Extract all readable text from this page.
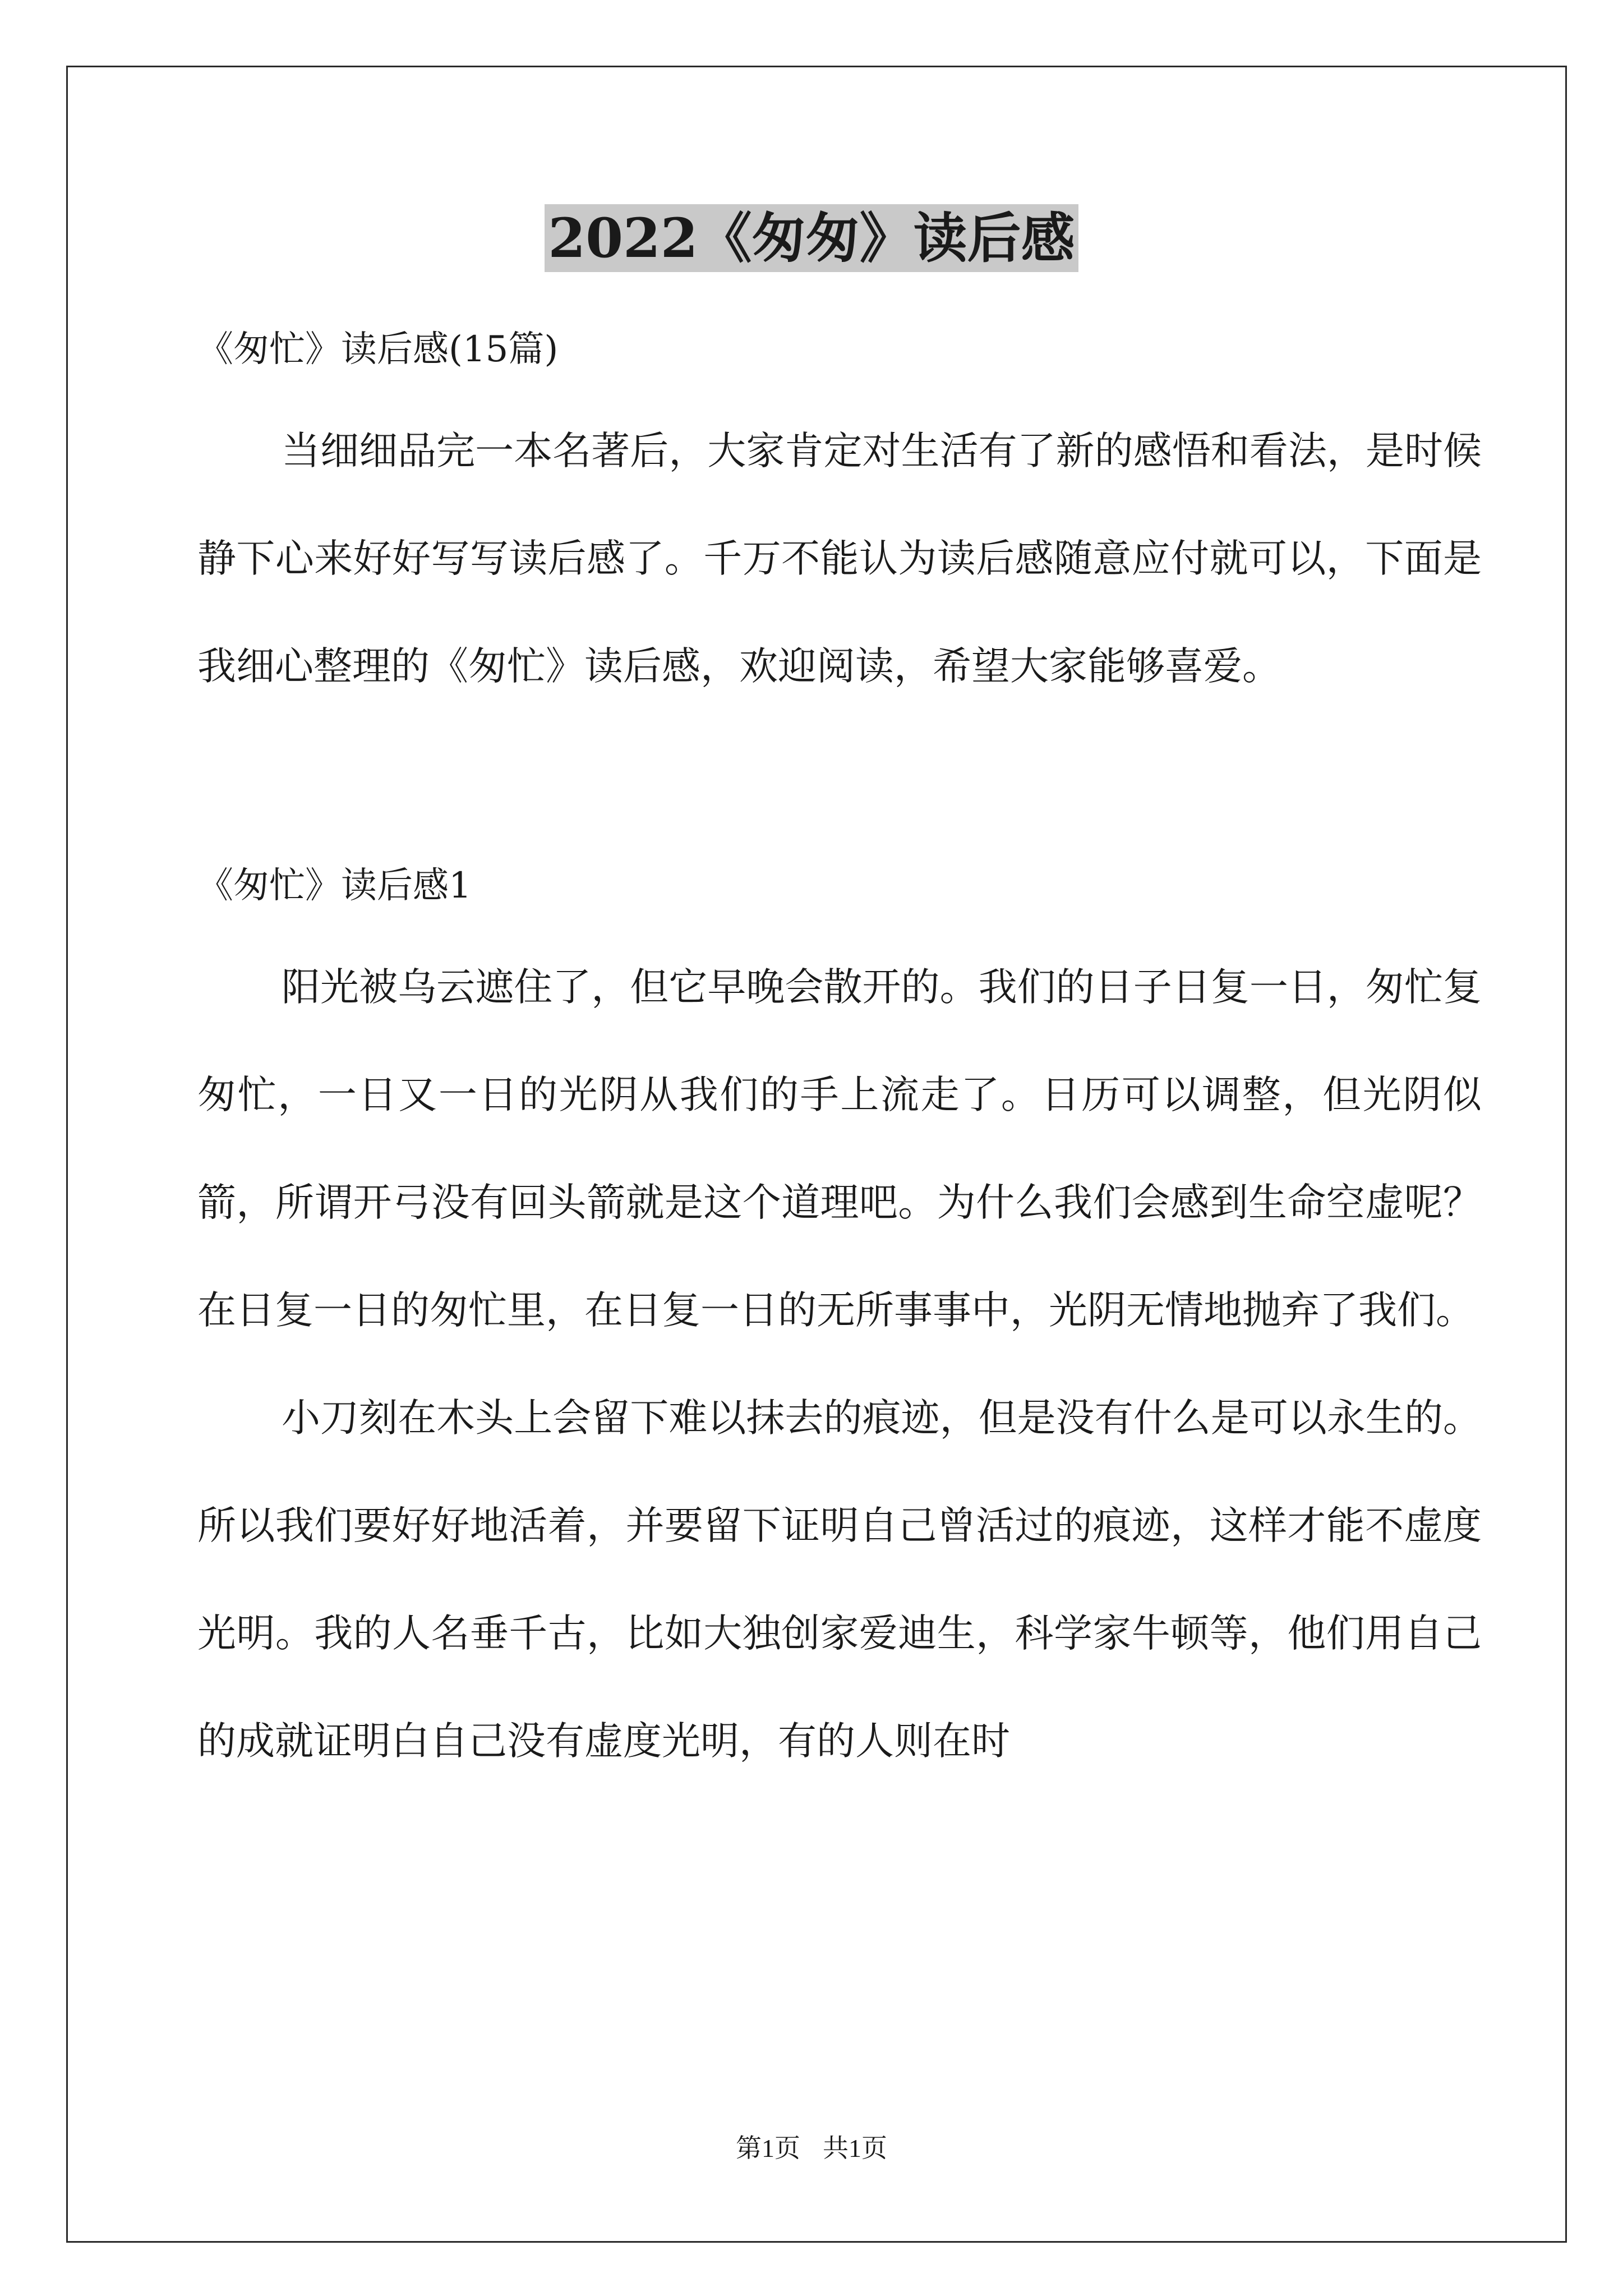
2022《匆匆》读后感

《匆忙》读后感(15篇)

当细细品完一本名著后，大家肯定对生活有了新的感悟和看法，是时候静下心来好好写写读后感了。千万不能认为读后感随意应付就可以，下面是我细心整理的《匆忙》读后感，欢迎阅读，希望大家能够喜爱。

《匆忙》读后感1

阳光被乌云遮住了，但它早晚会散开的。我们的日子日复一日，匆忙复匆忙，一日又一日的光阴从我们的手上流走了。日历可以调整，但光阴似箭，所谓开弓没有回头箭就是这个道理吧。为什么我们会感到生命空虚呢？在日复一日的匆忙里，在日复一日的无所事事中，光阴无情地抛弃了我们。

小刀刻在木头上会留下难以抹去的痕迹，但是没有什么是可以永生的。所以我们要好好地活着，并要留下证明自己曾活过的痕迹，这样才能不虚度光明。我的人名垂千古，比如大独创家爱迪生，科学家牛顿等，他们用自己的成就证明白自己没有虚度光明，有的人则在时

第1页 共1页
